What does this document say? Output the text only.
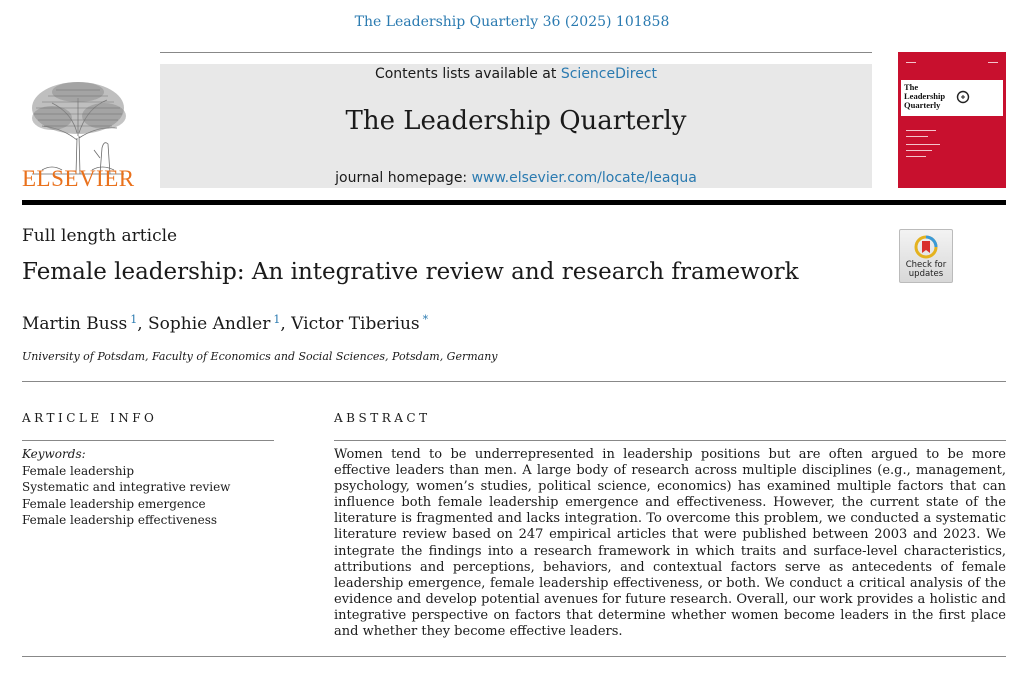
The Leadership Quarterly 36 (2025) 101858
ELSEVIER
Contents lists available at ScienceDirect
The Leadership Quarterly
journal homepage: www.elsevier.com/locate/leaqua
The
Leadership
Quarterly
Full length article
Female leadership: An integrative review and research framework
Martin Buss $^1$, Sophie Andler $^1$, Victor Tiberius *
University of Potsdam, Faculty of Economics and Social Sciences, Potsdam, Germany
Check for
updates
ARTICLE INFO
Keywords:
Female leadership
Systematic and integrative review
Female leadership emergence
Female leadership effectiveness
ABSTRACT
Women tend to be underrepresented in leadership positions but are often argued to be more effective leaders than men. A large body of research across multiple disciplines (e.g., management, psychology, women’s studies, political science, economics) has examined multiple factors that can influence both female leadership emergence and effectiveness. However, the current state of the literature is fragmented and lacks integration. To overcome this problem, we conducted a systematic literature review based on 247 empirical articles that were published between 2003 and 2023. We integrate the findings into a research framework in which traits and surface-level characteristics, attributions and perceptions, behaviors, and contextual factors serve as antecedents of female leadership emergence, female leadership effectiveness, or both. We conduct a critical analysis of the evidence and develop potential avenues for future research. Overall, our work provides a holistic and integrative perspective on factors that determine whether women become leaders in the first place and whether they become effective leaders.
